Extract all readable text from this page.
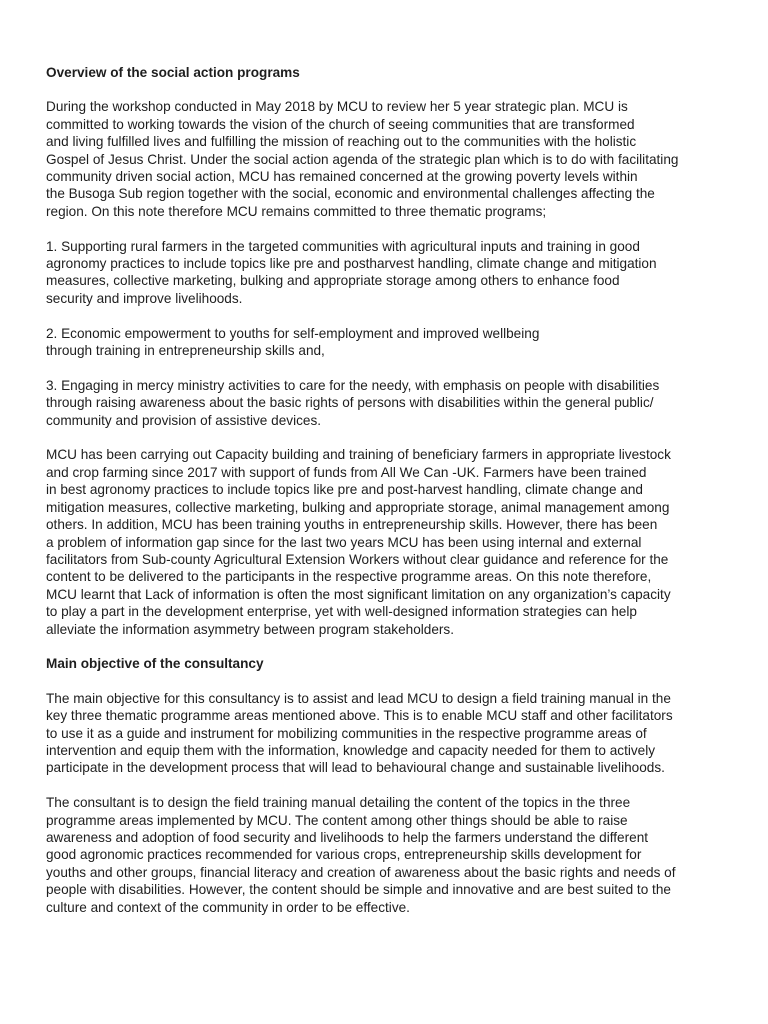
Overview of the social action programs
During the workshop conducted in May 2018 by MCU to review her 5 year strategic plan. MCU is
committed to working towards the vision of the church of seeing communities that are transformed
and living fulfilled lives and fulfilling the mission of reaching out to the communities with the holistic
Gospel of Jesus Christ. Under the social action agenda of the strategic plan which is to do with facilitating
community driven social action, MCU has remained concerned at the growing poverty levels within
the Busoga Sub region together with the social, economic and environmental challenges affecting the
region. On this note therefore MCU remains committed to three thematic programs;
1. Supporting rural farmers in the targeted communities with agricultural inputs and training in good
agronomy practices to include topics like pre and postharvest handling, climate change and mitigation
measures, collective marketing, bulking and appropriate storage among others to enhance food
security and improve livelihoods.
2. Economic empowerment to youths for self-employment and improved wellbeing
through training in entrepreneurship skills and,
3. Engaging in mercy ministry activities to care for the needy, with emphasis on people with disabilities
through raising awareness about the basic rights of persons with disabilities within the general public/
community and provision of assistive devices.
MCU has been carrying out Capacity building and training of beneficiary farmers in appropriate livestock
and crop farming since 2017 with support of funds from All We Can -UK. Farmers have been trained
in best agronomy practices to include topics like pre and post-harvest handling, climate change and
mitigation measures, collective marketing, bulking and appropriate storage, animal management among
others. In addition, MCU has been training youths in entrepreneurship skills. However, there has been
a problem of information gap since for the last two years MCU has been using internal and external
facilitators from Sub-county Agricultural Extension Workers without clear guidance and reference for the
content to be delivered to the participants in the respective programme areas. On this note therefore,
MCU learnt that Lack of information is often the most significant limitation on any organization’s capacity
to play a part in the development enterprise, yet with well-designed information strategies can help
alleviate the information asymmetry between program stakeholders.
Main objective of the consultancy
The main objective for this consultancy is to assist and lead MCU to design a field training manual in the
key three thematic programme areas mentioned above. This is to enable MCU staff and other facilitators
to use it as a guide and instrument for mobilizing communities in the respective programme areas of
intervention and equip them with the information, knowledge and capacity needed for them to actively
participate in the development process that will lead to behavioural change and sustainable livelihoods.
The consultant is to design the field training manual detailing the content of the topics in the three
programme areas implemented by MCU. The content among other things should be able to raise
awareness and adoption of food security and livelihoods to help the farmers understand the different
good agronomic practices recommended for various crops, entrepreneurship skills development for
youths and other groups, financial literacy and creation of awareness about the basic rights and needs of
people with disabilities. However, the content should be simple and innovative and are best suited to the
culture and context of the community in order to be effective.
